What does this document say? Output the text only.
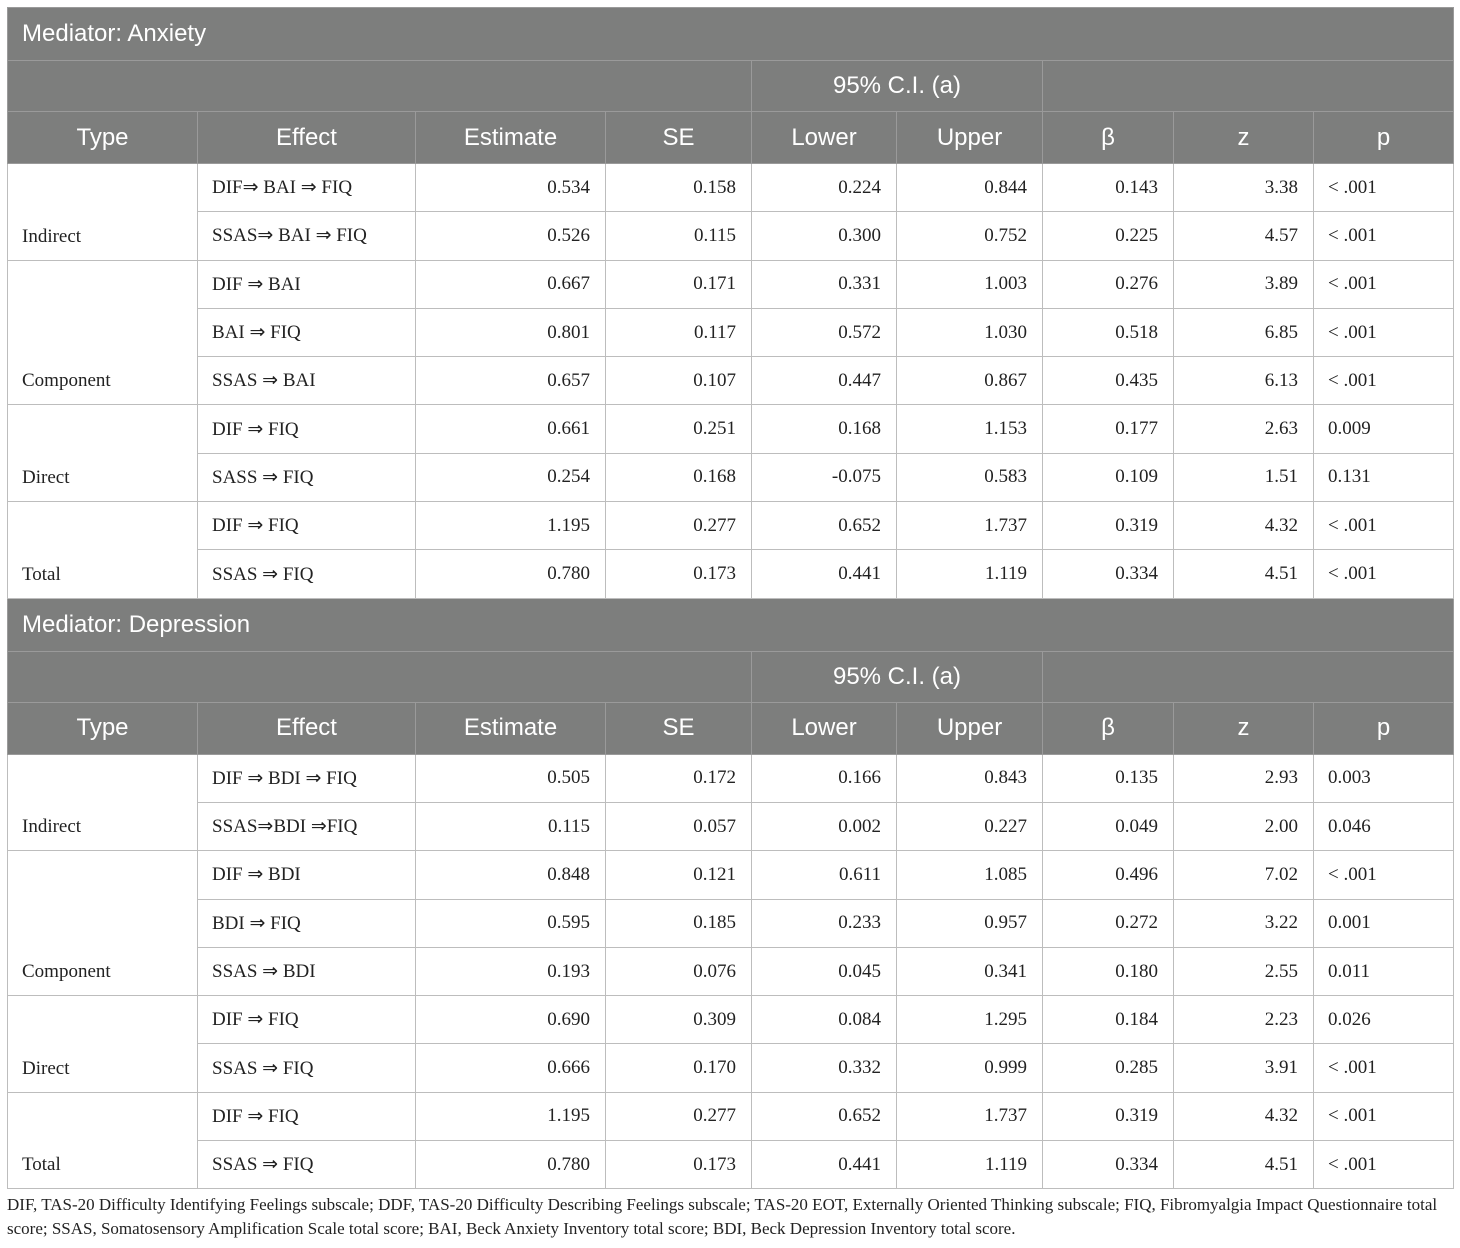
Mediator: Anxiety								
				95% C.I. (a)				
Type	Effect	Estimate	SE	Lower	Upper	β	z	p
Indirect	DIF⇒ BAI ⇒ FIQ	0.534	0.158	0.224	0.844	0.143	3.38	< .001
	SSAS⇒ BAI ⇒ FIQ	0.526	0.115	0.300	0.752	0.225	4.57	< .001
Component	DIF ⇒ BAI	0.667	0.171	0.331	1.003	0.276	3.89	< .001
	BAI ⇒ FIQ	0.801	0.117	0.572	1.030	0.518	6.85	< .001
	SSAS ⇒ BAI	0.657	0.107	0.447	0.867	0.435	6.13	< .001
Direct	DIF ⇒ FIQ	0.661	0.251	0.168	1.153	0.177	2.63	0.009
	SASS ⇒ FIQ	0.254	0.168	-0.075	0.583	0.109	1.51	0.131
Total	DIF ⇒ FIQ	1.195	0.277	0.652	1.737	0.319	4.32	< .001
	SSAS ⇒ FIQ	0.780	0.173	0.441	1.119	0.334	4.51	< .001
Mediator: Depression								
				95% C.I. (a)				
Type	Effect	Estimate	SE	Lower	Upper	β	z	p
Indirect	DIF ⇒ BDI ⇒ FIQ	0.505	0.172	0.166	0.843	0.135	2.93	0.003
	SSAS⇒BDI ⇒FIQ	0.115	0.057	0.002	0.227	0.049	2.00	0.046
Component	DIF ⇒ BDI	0.848	0.121	0.611	1.085	0.496	7.02	< .001
	BDI ⇒ FIQ	0.595	0.185	0.233	0.957	0.272	3.22	0.001
	SSAS ⇒ BDI	0.193	0.076	0.045	0.341	0.180	2.55	0.011
Direct	DIF ⇒ FIQ	0.690	0.309	0.084	1.295	0.184	2.23	0.026
	SSAS ⇒ FIQ	0.666	0.170	0.332	0.999	0.285	3.91	< .001
Total	DIF ⇒ FIQ	1.195	0.277	0.652	1.737	0.319	4.32	< .001
	SSAS ⇒ FIQ	0.780	0.173	0.441	1.119	0.334	4.51	< .001
DIF, TAS-20 Difficulty Identifying Feelings subscale; DDF, TAS-20 Difficulty Describing Feelings subscale; TAS-20 EOT, Externally Oriented Thinking subscale; FIQ, Fibromyalgia Impact Questionnaire total score; SSAS, Somatosensory Amplification Scale total score; BAI, Beck Anxiety Inventory total score; BDI, Beck Depression Inventory total score.
